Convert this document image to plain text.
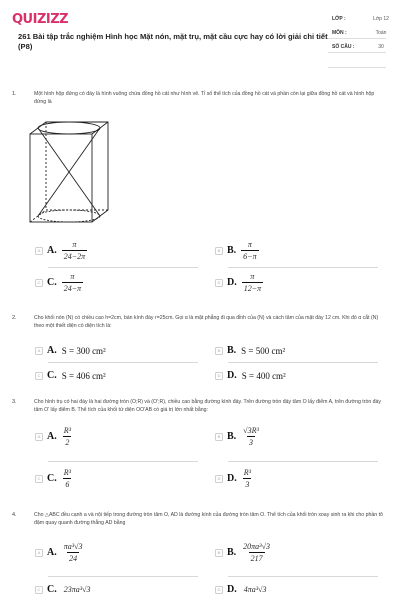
QUIZIZZ
261 Bài tập trắc nghiệm Hình học Mặt nón, mặt trụ, mặt cầu cực hay có lời giải chi tiết (P8)
LỚP :	Lớp 12
MÔN :	Toán
SỐ CÂU :	30
1.	Một hình hộp đứng có đáy là hình vuông chứa đồng hồ cát như hình vẽ. Tỉ số thể tích của đồng hồ cát và phần còn lại giữa đồng hồ cát và hình hộp đứng là
A A. $\frac{\pi}{24-2\pi}$	B B. $\frac{\pi}{6-\pi}$
C C. $\frac{\pi}{24-\pi}$	D D. $\frac{\pi}{12-\pi}$
2.	Cho khối nón (N) có chiều cao h=2cm, bán kính đáy r=25cm. Gọi α là mặt phẳng đi qua đỉnh của (N) và cách tâm của mặt đáy 12 cm. Khi đó α cắt (N) theo một thiết diện có diện tích là:
A A. S = 300 cm²	B B. S = 500 cm²
C C. S = 406 cm²	D D. S = 400 cm²
3.	Cho hình trụ có hai đáy là hai đường tròn (O;R) và (O';R), chiều cao bằng đường kính đáy. Trên đường tròn đáy tâm O lấy điểm A, trên đường tròn đáy tâm O' lấy điểm B. Thể tích của khối tứ diện OO'AB có giá trị lớn nhất bằng:
A A. $\frac{\text{R³}}{2}$	B B. $\frac{\text{√3R³}}{3}$
C C. $\frac{\text{R³}}{6}$	D D. $\frac{\text{R³}}{3}$
4.	Cho △ABC đều cạnh a và nội tiếp trong đường tròn tâm O, AD là đường kính của đường tròn tâm O. Thể tích của khối tròn xoay sinh ra khi cho phần tô đậm quay quanh đường thẳng AD bằng
A A. $\frac{\text{πa³√3}}{24}$	B B. $\frac{\text{20πa³√3}}{217}$
C C. 23πa³√3	D D. 4πa³√3
